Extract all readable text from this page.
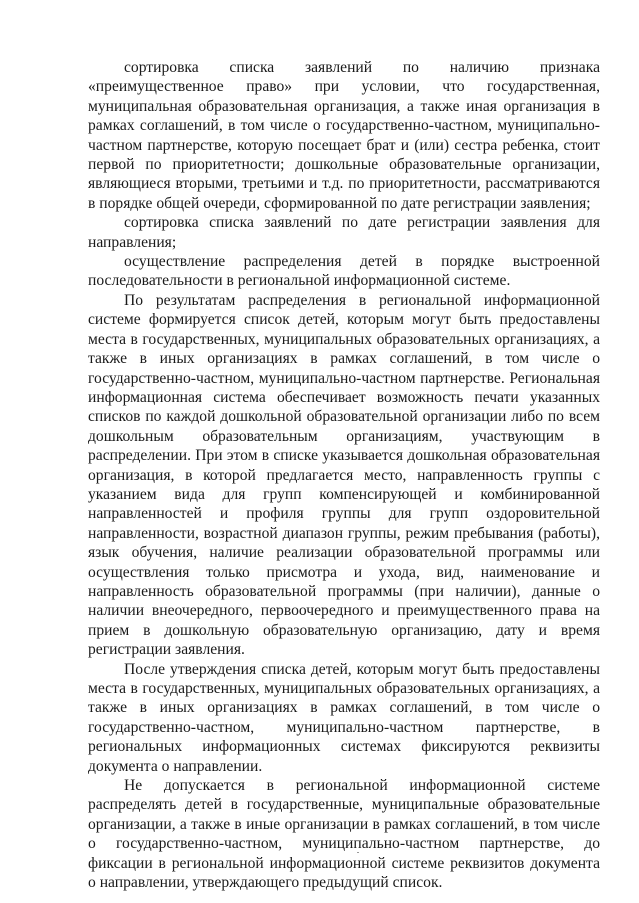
сортировка списка заявлений по наличию признака «преимущественное право» при условии, что государственная, муниципальная образовательная организация, а также иная организация в рамках соглашений, в том числе о государственно-частном, муниципально-частном партнерстве, которую посещает брат и (или) сестра ребенка, стоит первой по приоритетности; дошкольные образовательные организации, являющиеся вторыми, третьими и т.д. по приоритетности, рассматриваются в порядке общей очереди, сформированной по дате регистрации заявления;

сортировка списка заявлений по дате регистрации заявления для направления;

осуществление распределения детей в порядке выстроенной последовательности в региональной информационной системе.

По результатам распределения в региональной информационной системе формируется список детей, которым могут быть предоставлены места в государственных, муниципальных образовательных организациях, а также в иных организациях в рамках соглашений, в том числе о государственно-частном, муниципально-частном партнерстве. Региональная информационная система обеспечивает возможность печати указанных списков по каждой дошкольной образовательной организации либо по всем дошкольным образовательным организациям, участвующим в распределении. При этом в списке указывается дошкольная образовательная организация, в которой предлагается место, направленность группы с указанием вида для групп компенсирующей и комбинированной направленностей и профиля группы для групп оздоровительной направленности, возрастной диапазон группы, режим пребывания (работы), язык обучения, наличие реализации образовательной программы или осуществления только присмотра и ухода, вид, наименование и направленность образовательной программы (при наличии), данные о наличии внеочередного, первоочередного и преимущественного права на прием в дошкольную образовательную организацию, дату и время регистрации заявления.

После утверждения списка детей, которым могут быть предоставлены места в государственных, муниципальных образовательных организациях, а также в иных организациях в рамках соглашений, в том числе о государственно-частном, муниципально-частном партнерстве, в региональных информационных системах фиксируются реквизиты документа о направлении.

Не допускается в региональной информационной системе распределять детей в государственные, муниципальные образовательные организации, а также в иные организации в рамках соглашений, в том числе о государственно-частном, муниципально-частном партнерстве, до фиксации в региональной информационной системе реквизитов документа о направлении, утверждающего предыдущий список.
